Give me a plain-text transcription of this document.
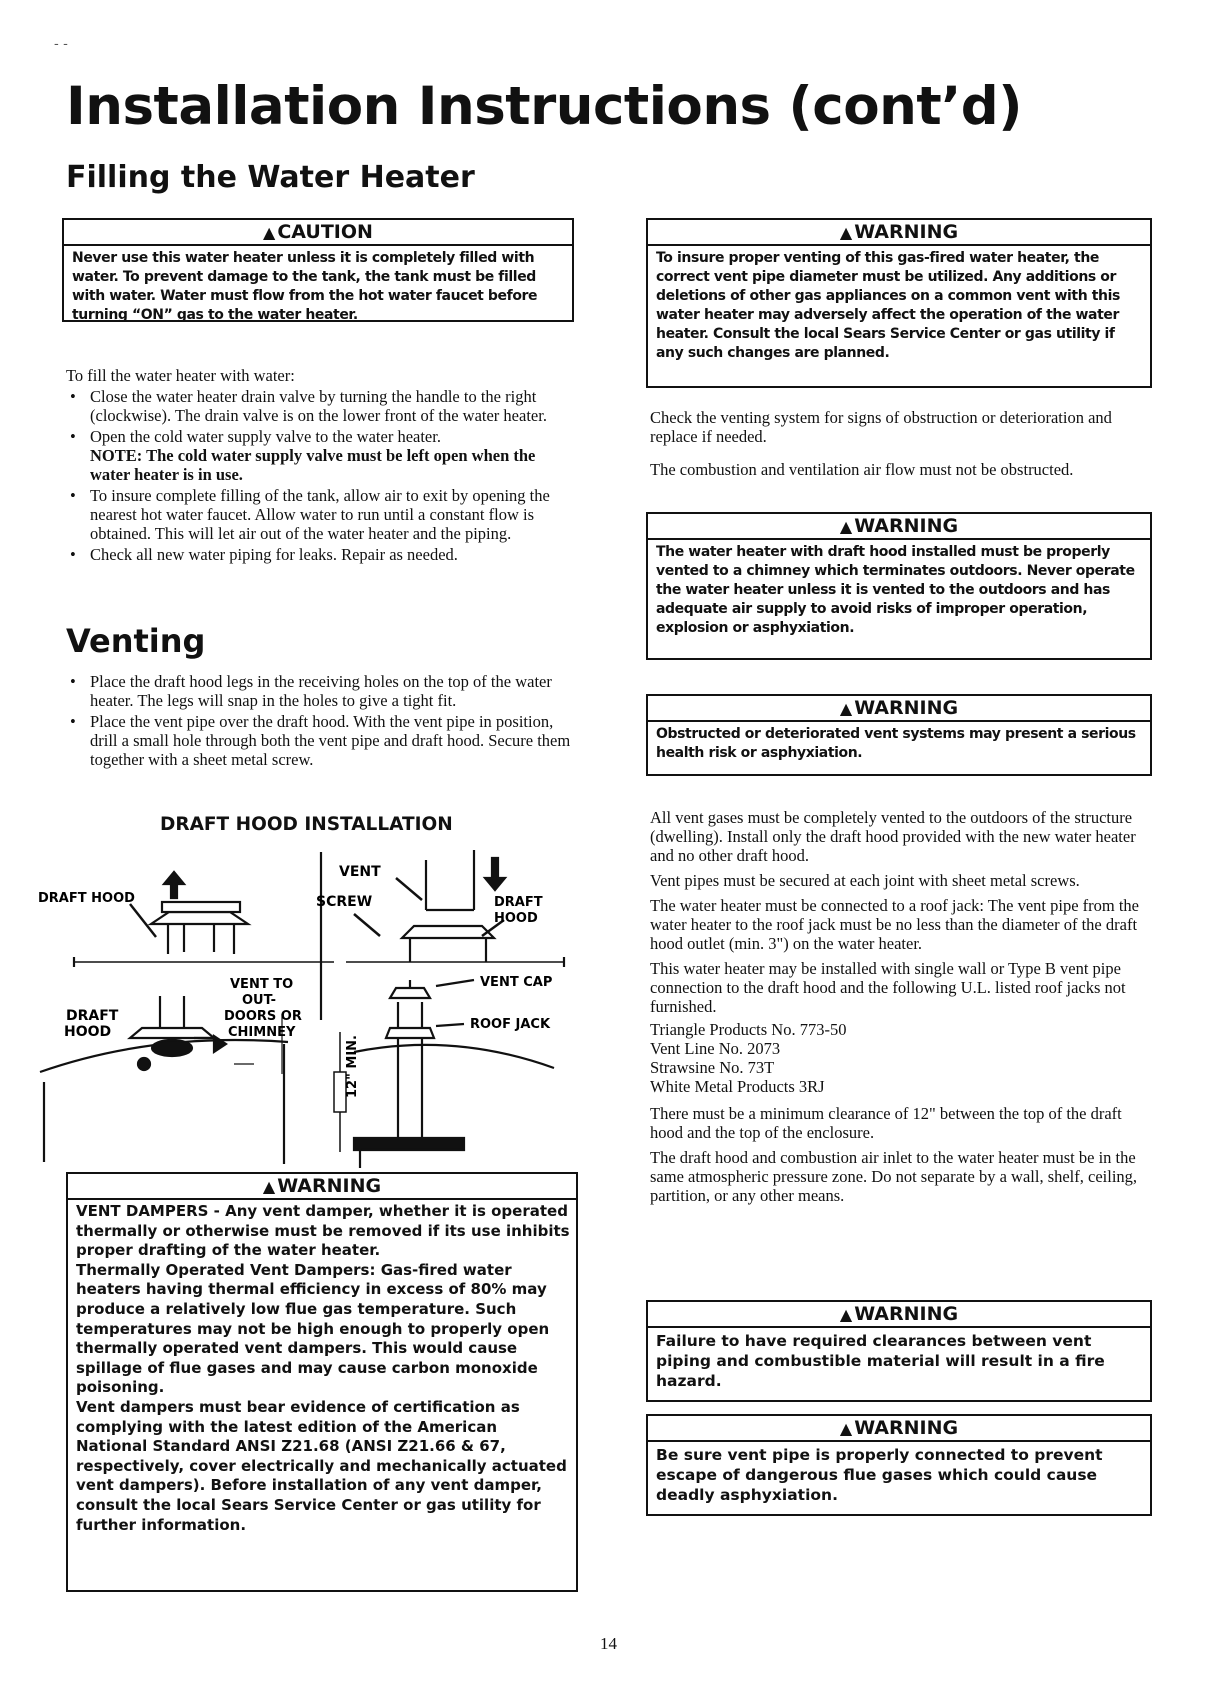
- -
Installation Instructions (cont’d)
Filling the Water Heater
▲ CAUTION
Never use this water heater unless it is completely filled with water. To prevent damage to the tank, the tank must be filled with water. Water must flow from the hot water faucet before turning “ON” gas to the water heater.

To fill the water heater with water:

• Close the water heater drain valve by turning the handle to the right (clockwise). The drain valve is on the lower front of the water heater.
• Open the cold water supply valve to the water heater.
NOTE: The cold water supply valve must be left open when the water heater is in use.
• To insure complete filling of the tank, allow air to exit by opening the nearest hot water faucet. Allow water to run until a constant flow is obtained. This will let air out of the water heater and the piping.
• Check all new water piping for leaks. Repair as needed.
Venting
• Place the draft hood legs in the receiving holes on the top of the water heater. The legs will snap in the holes to give a tight fit.
• Place the vent pipe over the draft hood. With the vent pipe in position, drill a small hole through both the vent pipe and draft hood. Secure them together with a sheet metal screw.
DRAFT HOOD INSTALLATION
DRAFT HOOD
VENT
SCREW	DRAFT
HOOD
VENT TO
OUT-
DOORS OR
CHIMNEY
DRAFT
HOOD
VENT CAP
ROOF JACK
12" MIN.
▲ WARNING
VENT DAMPERS - Any vent damper, whether it is operated thermally or otherwise must be removed if its use inhibits proper drafting of the water heater.
Thermally Operated Vent Dampers: Gas-fired water heaters having thermal efficiency in excess of 80% may produce a relatively low flue gas temperature. Such temperatures may not be high enough to properly open thermally operated vent dampers. This would cause spillage of flue gases and may cause carbon monoxide poisoning.
Vent dampers must bear evidence of certification as complying with the latest edition of the American National Standard ANSI Z21.68 (ANSI Z21.66 & 67, respectively, cover electrically and mechanically actuated vent dampers). Before installation of any vent damper, consult the local Sears Service Center or gas utility for further information.
▲ WARNING
To insure proper venting of this gas-fired water heater, the correct vent pipe diameter must be utilized. Any additions or deletions of other gas appliances on a common vent with this water heater may adversely affect the operation of the water heater. Consult the local Sears Service Center or gas utility if any such changes are planned.

Check the venting system for signs of obstruction or deterioration and replace if needed.

The combustion and ventilation air flow must not be obstructed.

▲ WARNING
The water heater with draft hood installed must be properly vented to a chimney which terminates outdoors. Never operate the water heater unless it is vented to the outdoors and has adequate air supply to avoid risks of improper operation, explosion or asphyxiation.
▲ WARNING
Obstructed or deteriorated vent systems may present a serious health risk or asphyxiation.

All vent gases must be completely vented to the outdoors of the structure (dwelling). Install only the draft hood provided with the new water heater and no other draft hood.

Vent pipes must be secured at each joint with sheet metal screws.

The water heater must be connected to a roof jack: The vent pipe from the water heater to the roof jack must be no less than the diameter of the draft hood outlet (min. 3") on the water heater.

This water heater may be installed with single wall or Type B vent pipe connection to the draft hood and the following U.L. listed roof jacks not furnished.

Triangle Products No. 773-50

Vent Line No. 2073

Strawsine No. 73T

White Metal Products 3RJ

There must be a minimum clearance of 12" between the top of the draft hood and the top of the enclosure.

The draft hood and combustion air inlet to the water heater must be in the same atmospheric pressure zone. Do not separate by a wall, shelf, ceiling, partition, or any other means.

▲ WARNING
Failure to have required clearances between vent piping and combustible material will result in a fire hazard.
▲ WARNING
Be sure vent pipe is properly connected to prevent escape of dangerous flue gases which could cause deadly asphyxiation.
14
